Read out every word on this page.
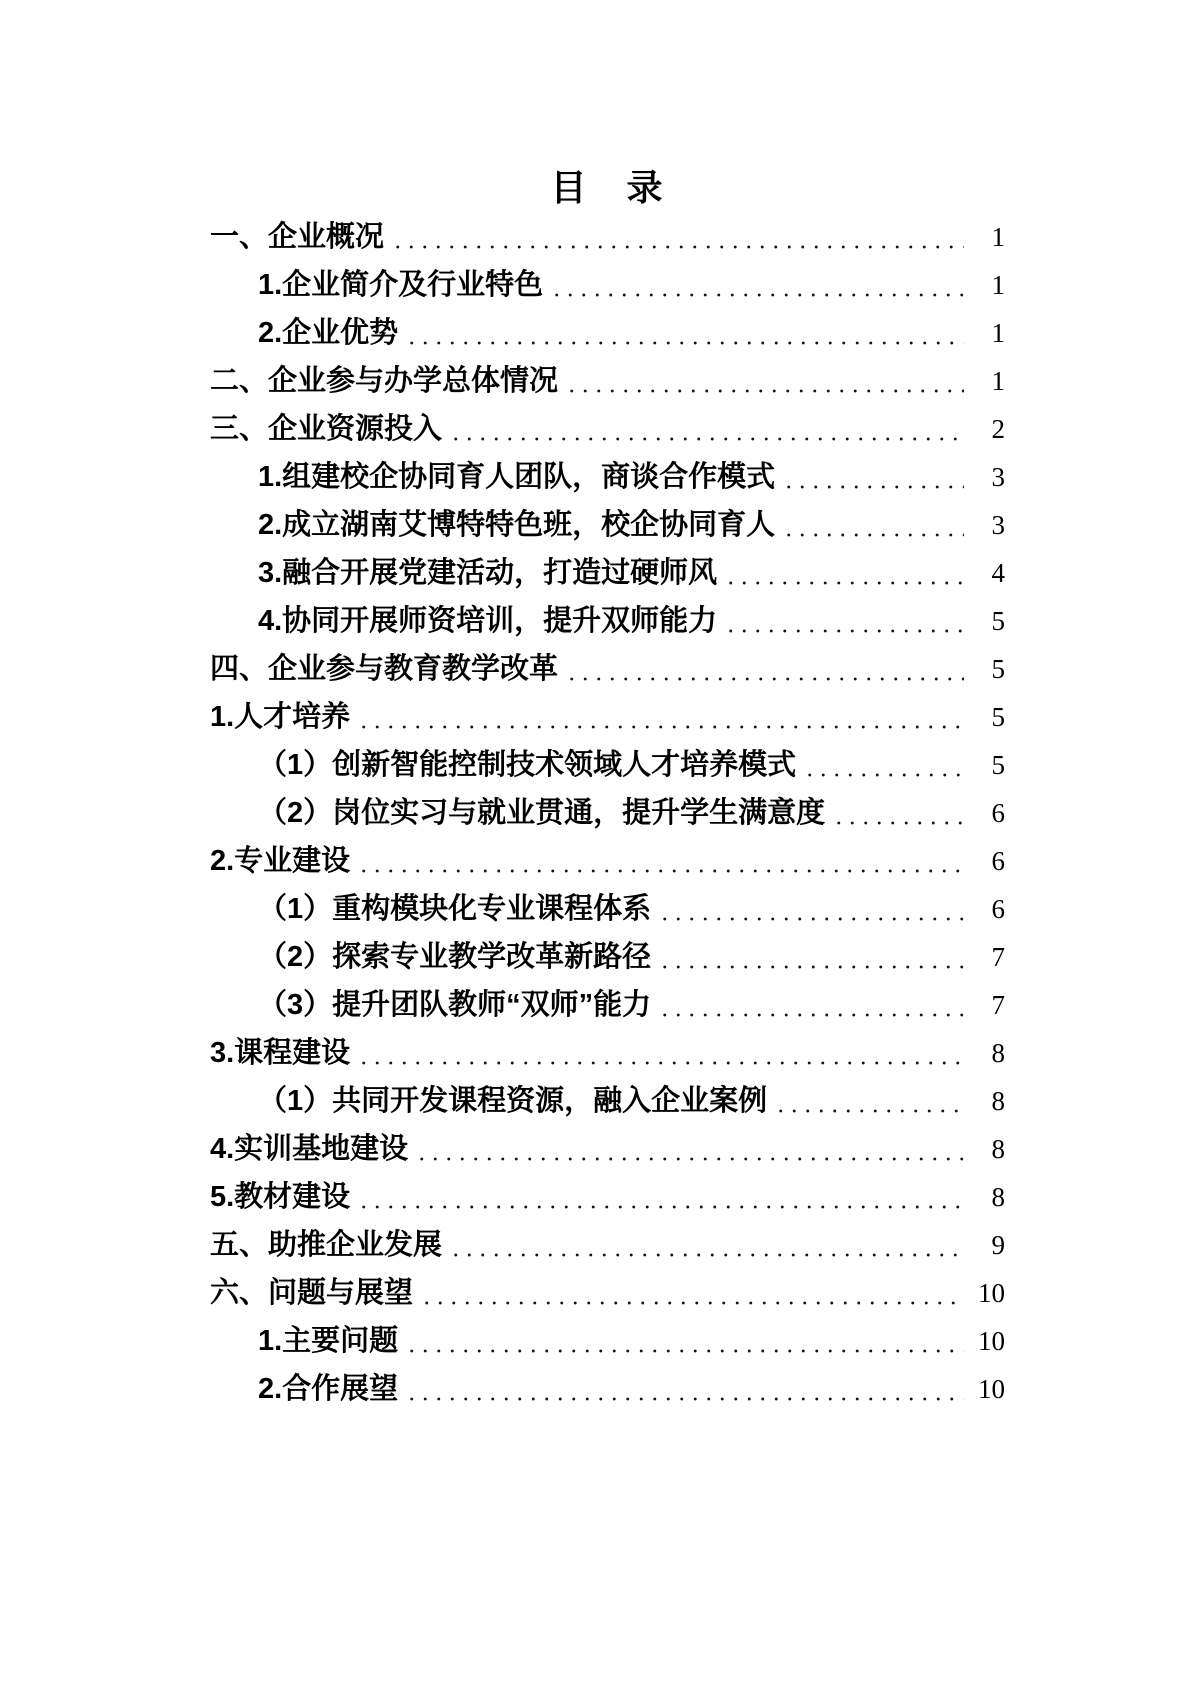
目　录
一、企业概况	1
1.企业简介及行业特色	1
2.企业优势	1
二、企业参与办学总体情况	1
三、企业资源投入	2
1.组建校企协同育人团队，商谈合作模式	3
2.成立湖南艾博特特色班，校企协同育人	3
3.融合开展党建活动，打造过硬师风	4
4.协同开展师资培训，提升双师能力	5
四、企业参与教育教学改革	5
1.人才培养	5
（1）创新智能控制技术领域人才培养模式	5
（2）岗位实习与就业贯通，提升学生满意度	6
2.专业建设	6
（1）重构模块化专业课程体系	6
（2）探索专业教学改革新路径	7
（3）提升团队教师“双师”能力	7
3.课程建设	8
（1）共同开发课程资源，融入企业案例	8
4.实训基地建设	8
5.教材建设	8
五、助推企业发展	9
六、问题与展望	10
1.主要问题	10
2.合作展望	10
